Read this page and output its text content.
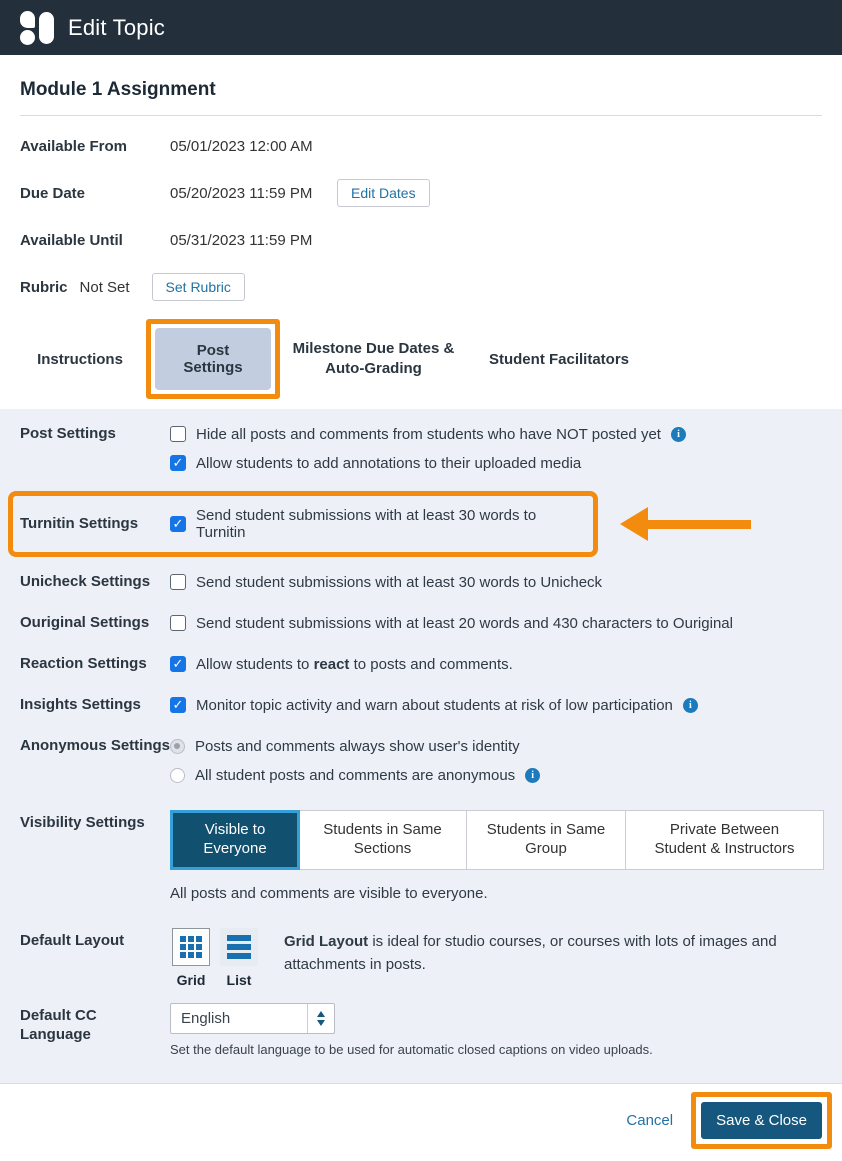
Edit Topic
Module 1 Assignment
Available From	05/01/2023 12:00 AM
Due Date	05/20/2023 11:59 PM	Edit Dates
Available Until	05/31/2023 11:59 PM
Rubric Not Set	Set Rubric
Instructions	Post Settings
Milestone Due Dates & Auto-Grading
Student Facilitators
Post Settings	Hide all posts and comments from students who have NOT posted yet	i
✓
Allow students to add annotations to their uploaded media
Turnitin Settings ✓	Send student submissions with at least 30 words to Turnitin
Unicheck Settings	Send student submissions with at least 30 words to Unicheck
Ouriginal Settings	Send student submissions with at least 20 words and 430 characters to Ouriginal
Reaction Settings ✓	Allow students to react to posts and comments.
Insights Settings ✓	Monitor topic activity and warn about students at risk of low participation	i
Anonymous Settings Posts and comments always show user's identity
All student posts and comments are anonymous	i
Visibility Settings	Visible to Everyone
Students in Same Sections
Students in Same Group
Private Between Student & Instructors
All posts and comments are visible to everyone.
Default Layout
Grid	List
Grid Layout is ideal for studio courses, or courses with lots of images and attachments in posts.
Default CC Language
English
Set the default language to be used for automatic closed captions on video uploads.
Cancel	Save & Close
